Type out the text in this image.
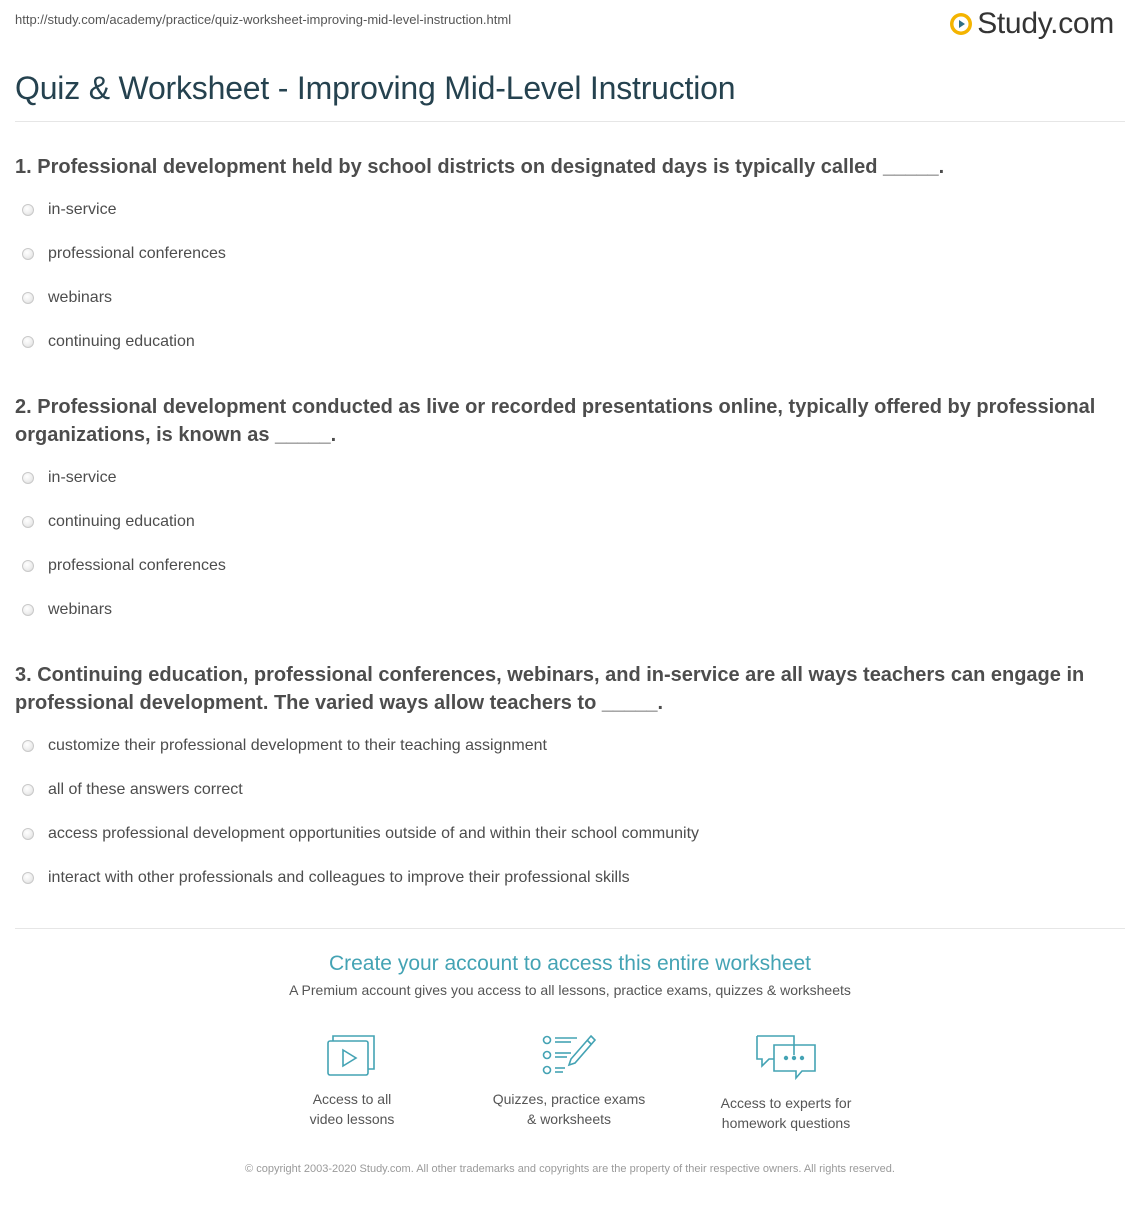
http://study.com/academy/practice/quiz-worksheet-improving-mid-level-instruction.html	Study.com
Quiz & Worksheet - Improving Mid-Level Instruction

1. Professional development held by school districts on designated days is typically called _____.

in-service
professional conferences
webinars
continuing education

2. Professional development conducted as live or recorded presentations online, typically offered by professional organizations, is known as _____.

in-service
continuing education
professional conferences
webinars

3. Continuing education, professional conferences, webinars, and in-service are all ways teachers can engage in professional development. The varied ways allow teachers to _____.

customize their professional development to their teaching assignment
all of these answers correct
access professional development opportunities outside of and within their school community
interact with other professionals and colleagues to improve their professional skills
Create your account to access this entire worksheet

A Premium account gives you access to all lessons, practice exams, quizzes & worksheets

Access to all
video lessons
Quizzes, practice exams
& worksheets
Access to experts for
homework questions
© copyright 2003-2020 Study.com. All other trademarks and copyrights are the property of their respective owners. All rights reserved.
